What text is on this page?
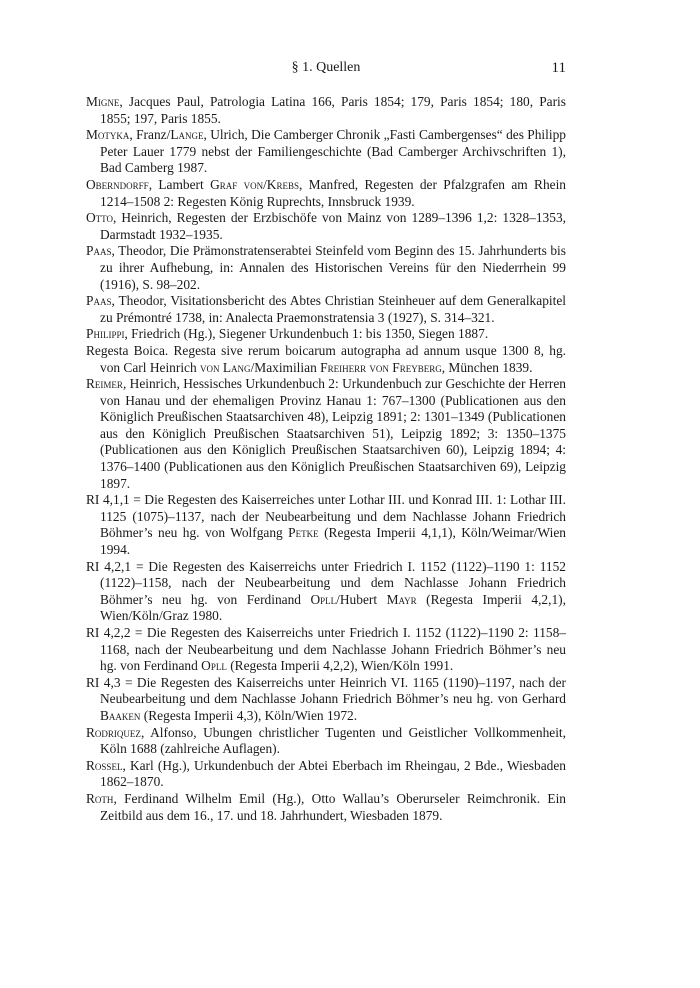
§ 1. Quellen	11

Migne, Jacques Paul, Patrologia Latina 166, Paris 1854; 179, Paris 1854; 180, Paris 1855; 197, Paris 1855.

Motyka, Franz/Lange, Ulrich, Die Camberger Chronik „Fasti Cambergenses“ des Philipp Peter Lauer 1779 nebst der Familiengeschichte (Bad Camberger Archivschriften 1), Bad Camberg 1987.

Oberndorff, Lambert Graf von/Krebs, Manfred, Regesten der Pfalzgrafen am Rhein 1214–1508 2: Regesten König Ruprechts, Innsbruck 1939.

Otto, Heinrich, Regesten der Erzbischöfe von Mainz von 1289–1396 1,2: 1328–1353, Darmstadt 1932–1935.

Paas, Theodor, Die Prämonstratenserabtei Steinfeld vom Beginn des 15. Jahrhunderts bis zu ihrer Aufhebung, in: Annalen des Historischen Vereins für den Niederrhein 99 (1916), S. 98–202.

Paas, Theodor, Visitationsbericht des Abtes Christian Steinheuer auf dem Generalkapitel zu Prémontré 1738, in: Analecta Praemonstratensia 3 (1927), S. 314–321.

Philippi, Friedrich (Hg.), Siegener Urkundenbuch 1: bis 1350, Siegen 1887.

Regesta Boica. Regesta sive rerum boicarum autographa ad annum usque 1300 8, hg. von Carl Heinrich von Lang/Maximilian Freiherr von Freyberg, München 1839.

Reimer, Heinrich, Hessisches Urkundenbuch 2: Urkundenbuch zur Geschichte der Herren von Hanau und der ehemaligen Provinz Hanau 1: 767–1300 (Publicationen aus den Königlich Preußischen Staatsarchiven 48), Leipzig 1891; 2: 1301–1349 (Publicationen aus den Königlich Preußischen Staatsarchiven 51), Leipzig 1892; 3: 1350–1375 (Publicationen aus den Königlich Preußischen Staatsarchiven 60), Leipzig 1894; 4: 1376–1400 (Publicationen aus den Königlich Preußischen Staatsarchiven 69), Leipzig 1897.

RI 4,1,1 = Die Regesten des Kaiserreiches unter Lothar III. und Konrad III. 1: Lothar III. 1125 (1075)–1137, nach der Neubearbeitung und dem Nachlasse Johann Friedrich Böhmer’s neu hg. von Wolfgang Petke (Regesta Imperii 4,1,1), Köln/Weimar/Wien 1994.

RI 4,2,1 = Die Regesten des Kaiserreichs unter Friedrich I. 1152 (1122)–1190 1: 1152 (1122)–1158, nach der Neubearbeitung und dem Nachlasse Johann Friedrich Böhmer’s neu hg. von Ferdinand Opll/Hubert Mayr (Regesta Imperii 4,2,1), Wien/Köln/Graz 1980.

RI 4,2,2 = Die Regesten des Kaiserreichs unter Friedrich I. 1152 (1122)–1190 2: 1158–1168, nach der Neubearbeitung und dem Nachlasse Johann Friedrich Böhmer’s neu hg. von Ferdinand Opll (Regesta Imperii 4,2,2), Wien/Köln 1991.

RI 4,3 = Die Regesten des Kaiserreichs unter Heinrich VI. 1165 (1190)–1197, nach der Neubearbeitung und dem Nachlasse Johann Friedrich Böhmer’s neu hg. von Gerhard Baaken (Regesta Imperii 4,3), Köln/Wien 1972.

Rodriquez, Alfonso, Ubungen christlicher Tugenten und Geistlicher Vollkommenheit, Köln 1688 (zahlreiche Auflagen).

Rossel, Karl (Hg.), Urkundenbuch der Abtei Eberbach im Rheingau, 2 Bde., Wiesbaden 1862–1870.

Roth, Ferdinand Wilhelm Emil (Hg.), Otto Wallau’s Oberurseler Reimchronik. Ein Zeitbild aus dem 16., 17. und 18. Jahrhundert, Wiesbaden 1879.
